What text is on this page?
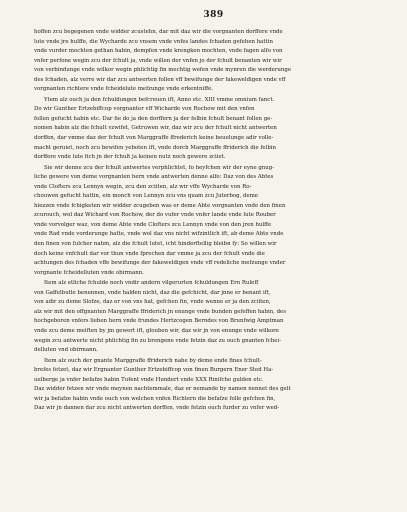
389
hoffen zcu begegenen vnde widder zcustehn, dar mit daz wir die vorgnanten dorffere vnde
lute vnde jre hulffe, die Wycharde zcu vnsem vnde vnfes landes fchaden gefehen hattin
vnde vurder mochten gethan habin, dempfen vnde krengken mochten, vnde fagen alfo von
vnfer perfone wegin zcu der fchult ja, vnde willen der vnfen jo der fchult benanten wir wir
von verbindunge vnde wilkor wegin phlichtig fin mechtig wefen vnde mynren die werderunge
des fchaden, alz verre wir dar zcu antwerten follen vff bewifunge der fakeweldigen vnde vff
vorgnanten richtere vnde fcheidelute mefzunge vnde erkentniffe.
Ytem alz ouch ja den fchuldungen befcreuen ift, Anno etc. XIII vmme omnium fanct.
Do wir Gunther Ertzebiffcop vorgnanter vff Wicharde von Rochow mit den vnfen
follen gefucht habin etc. Dar fie do ja den dorffern ja der felbin fchult benant follen ge-
nomen habin alz die fchult vzwifet, Getruwen wir, daz wir zcu der fchult nicht antwerten
dorffen, dar vmme daz der fchult von Marggraffe ffrederich keine beuelunge adir volle-
macht geruiet, noch zcu bewifen yeboten ift, vnde dorch Marggraffe ffriderich die felbin
dorffere vnde lute fich jn der fchult ja keinen nutz noch gewere zciiet.
Sie wir denne zcu der fchult antwertes verphlichtet, fo heyfchen wir der eyne gnug-
liche gewere von deme vorgnanten hern vnde antwerten denne alfo: Daz von des Abtes
vnde Clofters zcu Lennyn wegin, zcu den zciiten, alz wir vffe Wycharde von Ro-
chouwen gefucht hattin, ein monch von Lennyn zcu vns quam zcu Juterbog, deme
hiezzen vnde fchigketen wir widder zcugeben was er deme Abte vorgnanten vnde den finen
zcurouch, wol daz Wichard von Rochow, der do vufer vnde vnfer lande vnde lute Rouber
vnde vorvolger waz, von deme Abte vnde Clofters zcu Lennyn vnde von den jren hulffe
vnde Rad vnde vorderunge hatte, vnde wol daz vns nicht wifzintlich ift, ab deme Abte vnde
den finen von fulcher nahm, alz die fchult lutet, icht hinderftellig bleibn fy: So willen wir
doch keine vnfchult dar vor thun vnde fprechen dar vmme ja zcu der fchult vnde die
achtungen des fchaden vffe bewifunge der fakeweldigen vnde vff redeliche mefzunge vnder
vorgnante fcheidelluten vnde obirmann.
Item alz etliche fchulde noch vndir andern vilgerurten fchuldungen Ern Ruleff
von Gaffelbutle benennen, vnde halden nicht, daz die gefchicht, dar jnne er benant ift,
von adir zu deme Slofze, daz er von vns hat, gefchen fin, vnde wenne er ja den zciiten,
alz wir mit den offgnanten Marggraffe ffriderich jn enunge vnde bunden gefeffen habin, des
hochgeboren vnfers lieben hern vnde frundes Hertzcogen Berndes von Brunfwig Amptman
vnde zcu deme meiften by jm gewert ift, glouben wir, daz wir jn von enunge vnde wilkore
wegin zcu antwerte nicht phlichtig fin zu brengene vnde fetzin daz zu ouch gnanten fchei-
delluten vnd obirmann.
Item alz ouch der gnante Marggraffe ffriderich nahe by deme ende fines fchult-
brefes fetzet, daz wir Ergnanter Gunther Ertzebiffcop von finen Burgern Ener Sted Ha-
uelberge ja vnfer befafze habin Tufent vnde Hundert vnde XXX Rinifche gulden etc.
Daz widder fetzen wir vnde meynen nachtemmale, daz er nemande by namen nennet des gelt
wir ja befafze habin vnde ouch von welchen vnfen Richtern die befafze folle gefchen fin,
Daz wir jn dannen dar zcu nicht antwerten dorffen, vnde fetzin ouch furder zu vnfer wed-
